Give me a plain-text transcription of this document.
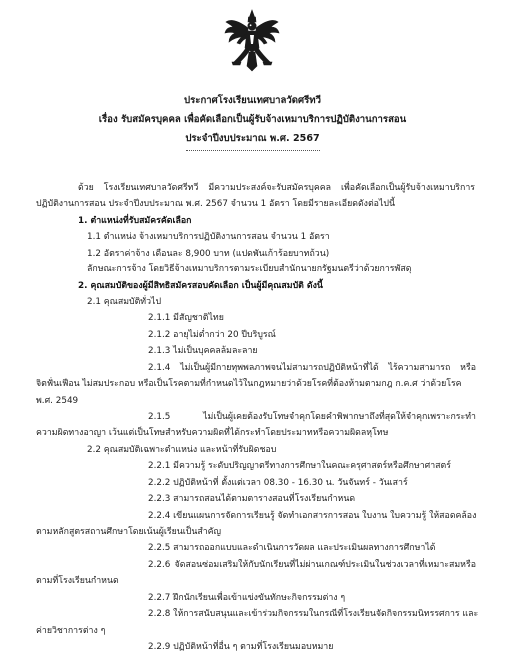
ประกาศโรงเรียนเทศบาลวัดศรีทวี
เรื่อง รับสมัครบุคคล เพื่อคัดเลือกเป็นผู้รับจ้างเหมาบริการปฏิบัติงานการสอน
ประจำปีงบประมาณ พ.ศ. 2567
ด้วย โรงเรียนเทศบาลวัดศรีทวี มีความประสงค์จะรับสมัครบุคคล เพื่อคัดเลือกเป็นผู้รับจ้างเหมาบริการ
ปฏิบัติงานการสอน ประจำปีงบประมาณ พ.ศ. 2567 จำนวน 1 อัตรา โดยมีรายละเอียดดังต่อไปนี้
1. ตำแหน่งที่รับสมัครคัดเลือก
1.1 ตำแหน่ง จ้างเหมาบริการปฏิบัติงานการสอน จำนวน 1 อัตรา
1.2 อัตราค่าจ้าง เดือนละ 8,900 บาท (แปดพันเก้าร้อยบาทถ้วน)
ลักษณะการจ้าง โดยวิธีจ้างเหมาบริการตามระเบียบสำนักนายกรัฐมนตรีว่าด้วยการพัสดุ
2. คุณสมบัติของผู้มีสิทธิสมัครสอบคัดเลือก เป็นผู้มีคุณสมบัติ ดังนี้
2.1 คุณสมบัติทั่วไป
2.1.1 มีสัญชาติไทย
2.1.2 อายุไม่ต่ำกว่า 20 ปีบริบูรณ์
2.1.3 ไม่เป็นบุคคลล้มละลาย
2.1.4 ไม่เป็นผู้มีกายทุพพลภาพจนไม่สามารถปฏิบัติหน้าที่ได้ ไร้ความสามารถ หรือ
จิตฟั่นเฟือน ไม่สมประกอบ หรือเป็นโรคตามที่กำหนดไว้ในกฎหมายว่าด้วยโรคที่ต้องห้ามตามกฎ ก.ค.ศ ว่าด้วยโรค
พ.ศ. 2549
2.1.5 ไม่เป็นผู้เคยต้องรับโทษจำคุกโดยคำพิพากษาถึงที่สุดให้จำคุกเพราะกระทำ
ความผิดทางอาญา เว้นแต่เป็นโทษสำหรับความผิดที่ได้กระทำโดยประมาทหรือความผิดลหุโทษ
2.2 คุณสมบัติเฉพาะตำแหน่ง และหน้าที่รับผิดชอบ
2.2.1 มีความรู้ ระดับปริญญาตรีทางการศึกษาในคณะครุศาสตร์หรือศึกษาศาสตร์
2.2.2 ปฏิบัติหน้าที่ ตั้งแต่เวลา 08.30 - 16.30 น. วันจันทร์ - วันเสาร์
2.2.3 สามารถสอนได้ตามตารางสอนที่โรงเรียนกำหนด
2.2.4 เขียนแผนการจัดการเรียนรู้ จัดทำเอกสารการสอน ใบงาน ใบความรู้ ให้สอดคล้อง
ตามหลักสูตรสถานศึกษาโดยเน้นผู้เรียนเป็นสำคัญ
2.2.5 สามารถออกแบบและดำเนินการวัดผล และประเมินผลทางการศึกษาได้
2.2.6 จัดสอนซ่อมเสริมให้กับนักเรียนที่ไม่ผ่านเกณฑ์ประเมินในช่วงเวลาที่เหมาะสมหรือ
ตามที่โรงเรียนกำหนด
2.2.7 ฝึกนักเรียนเพื่อเข้าแข่งขันทักษะกิจกรรมต่าง ๆ
2.2.8 ให้การสนับสนุนและเข้าร่วมกิจกรรมในกรณีที่โรงเรียนจัดกิจกรรมนิทรรศการ และ
ค่ายวิชาการต่าง ๆ
2.2.9 ปฏิบัติหน้าที่อื่น ๆ ตามที่โรงเรียนมอบหมาย
